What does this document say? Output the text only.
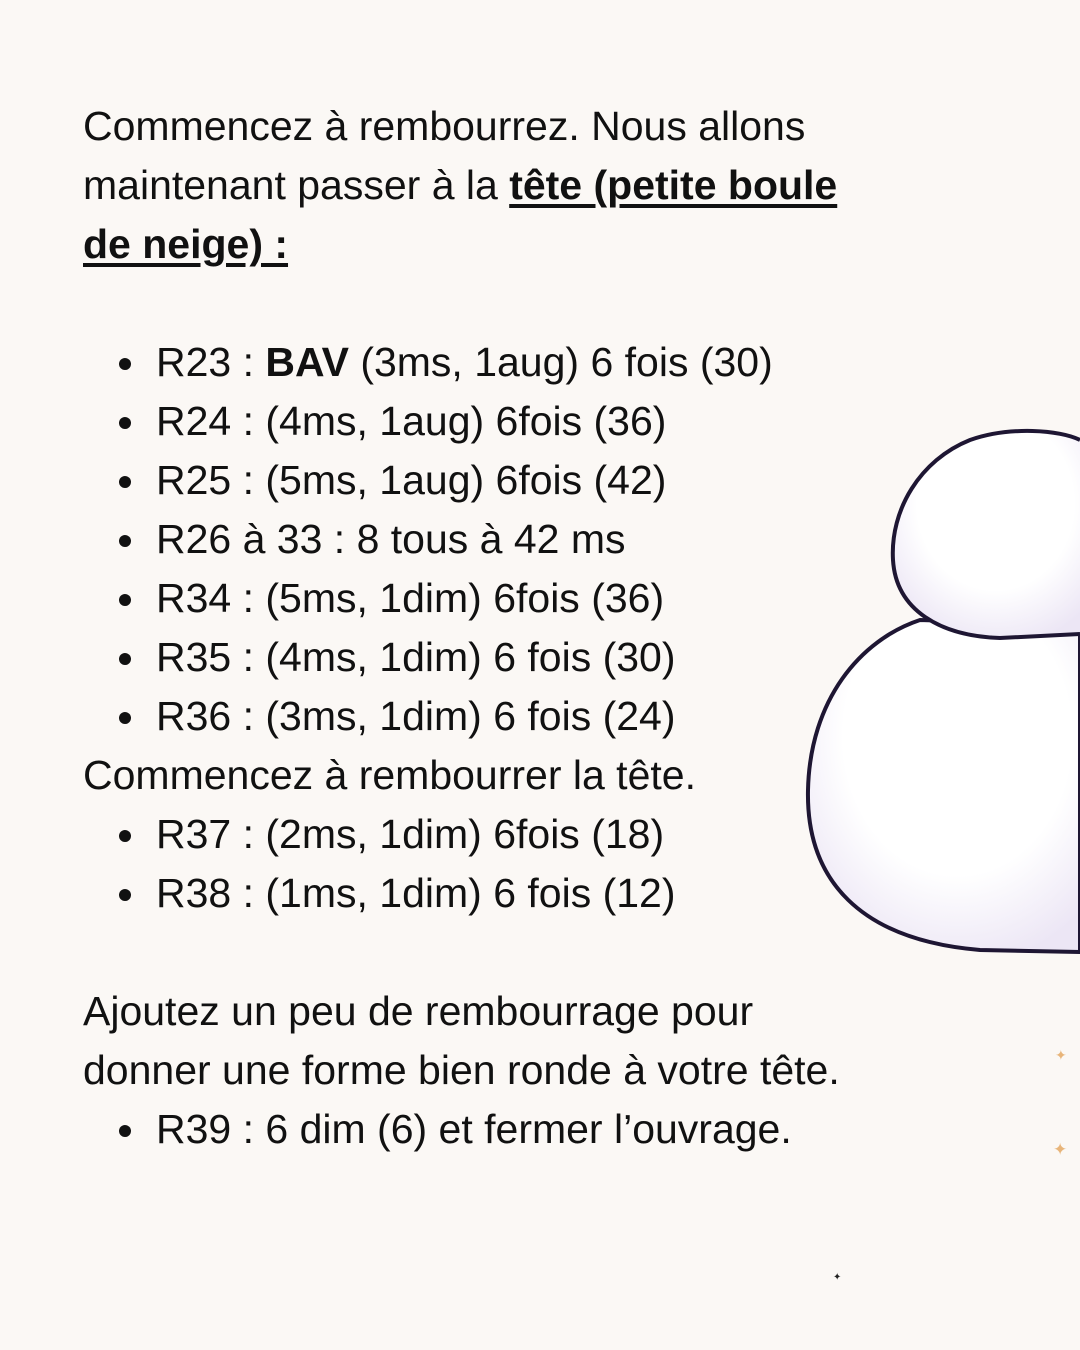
Commencez à rembourrez. Nous allons
maintenant passer à la tête (petite boule
de neige) :
R23 : BAV (3ms, 1aug) 6 fois (30)
R24 : (4ms, 1aug) 6fois (36)
R25 : (5ms, 1aug) 6fois (42)
R26 à 33 : 8 tous à 42 ms
R34 : (5ms, 1dim) 6fois (36)
R35 : (4ms, 1dim) 6 fois (30)
R36 : (3ms, 1dim) 6 fois (24)
Commencez à rembourrer la tête.
R37 : (2ms, 1dim) 6fois (18)
R38 : (1ms, 1dim) 6 fois (12)
Ajoutez un peu de rembourrage pour
donner une forme bien ronde à votre tête.
R39 : 6 dim (6) et fermer l’ouvrage.
✦
✦
✦
